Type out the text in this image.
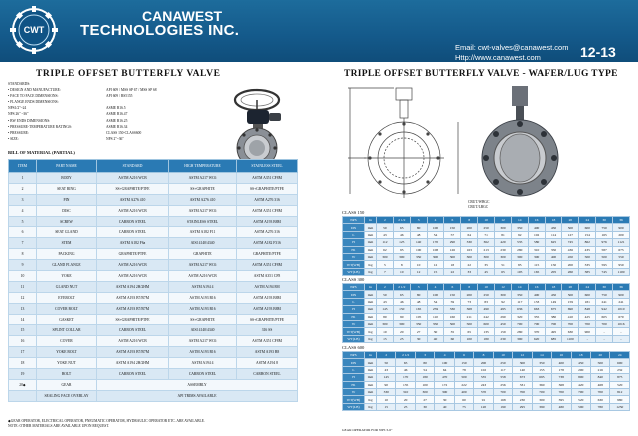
CWT
CANAWEST
TECHNOLOGIES INC.
Email: cwt-valves@canawest.com
Http://www.canawest.com	12-13
TRIPLE OFFSET BUTTERFLY VALVE
STANDARDS:
• DESIGN AND MANUFACTURE:	API 609 / MSS SP 67 / MSS SP 68
• FACE TO FACE DIMENSIONS:	API 609 / BS5155
• FLANGE ENDS DIMENSIONS:
NPS1/2"~24	ASME B16.5
NPS 26" ~36"	ASME B16.47
• BW ENDS DIMENSIONS:	ASME B16.25
• PRESSURE-TEMPERATURE RATINGS:	ASME B16.34
• PRESSURE:	CLASS 150-CLASS600
• SIZE:	NPS 2"~36"
BILL OF MATERIAL (PARTIAL)
ITEM	PART NAME	STANDARD	HIGH TEMPERATURE	STAINLESS STEEL
1	BODY	ASTM A216 WCB	ASTM A217 WC6	ASTM A351 CF8M
2	SEAT RING	SS+GRAPHITE/PTFE	SS+GRAPHITE	SS+GRAPHITE/PTFE
3	PIN	ASTM A276 410	ASTM A276 410	ASTM A276 316
4	DISC	ASTM A216 WCB	ASTM A217 WC6	ASTM A351 CF8M
5	SCREW	CARBON STEEL	STAINLESS STEEL	ASTM A193 B8M
6	SEAT GLAND	CARBON STEEL	ASTM A182 F11	ASTM A276 316
7	STEM	ASTM A182 F6a	AISI 4140/4340	ASTM A182 F316
8	PACKING	GRAPHITE/PTFE	GRAPHITE	GRAPHITE/PTFE
9	GLAND FLANGE	ASTM A216 WCB	ASTM A217 WC6	ASTM A351 CF8M
10	YOKE	ASTM A216 WCB	ASTM A216 WCB	ASTM A351 CF8
11	GLAND NUT	ASTM A194 2H/2HM	ASTM A194 4	ASTM A194 8M
12	EYEBOLT	ASTM A193 B7/B7M	ASTM A193 B16	ASTM A193 B8M
13	COVER BOLT	ASTM A193 B7/B7M	ASTM A193 B16	ASTM A193 B8M
14	GASKET	SS+GRAPHITE/PTFE	SS+GRAPHITE	SS+GRAPHITE/PTFE
15	SPLINT COLLAR	CARBON STEEL	AISI 4140/4340	316 SS
16	COVER	ASTM A216 WCB	ASTM A217 WC6	ASTM A351 CF8M
17	YOKE BOLT	ASTM A193 B7/B7M	ASTM A193 B16	ASTM A193 B8
18	YOKE NUT	ASTM A194 2H/2HM	ASTM A194 4	ASTM A194 8
19	BOLT	CARBON STEEL	CARBON STEEL	CARBON STEEL
20◆	GEAR	ASSEMBLY		
	SEALING FACE OVERLAY	API TRIMS AVAILABLE		
◆GEAR OPERATOR, ELECTRICAL OPERATOR, PNEUMATIC OPERATOR, HYDRAULIC OPERATOR ETC. ARE AVAILABLE.
NOTE: OTHER MATERIALS ARE AVAILABLE UPON REQUEST.
TRIPLE OFFSET BUTTERFLY VALVE - WAFER/LUG TYPE
CBUT/WBGC
CBUT/LBGC
CLASS 150
NPS	in	2	2 1/2	3	4	6	8	10	12	14	16	18	20	24	30	36
DN	mm	50	65	80	100	150	200	250	300	350	400	450	500	600	750	900
L	mm	43	46	48	54	57	64	71	81	92	102	114	127	154	165	200
H	mm	112	125	140	170	290	330	362	420	535	580	625	745	862	976	1121
H1	mm	62	95	100	108	126	163	213	230	280	310	350	436	435	587	675
W	mm	300	300	350	300	300	300	300	300	300	300	400	450	500	500	550
WT(WB)	Kg	5	8	10	12	18	22	35	51	85	115	150	200	335	595	950
WT(LB)	Kg	7	10	12	15	22	33	45	65	105	165	205	260	385	745	1100
CLASS 300
NPS	in	2	2 1/2	3	4	6	8	10	12	14	16	18	20	24	30	36
DN	mm	50	65	80	100	150	200	250	300	350	400	450	500	600	750	900
L	mm	43	46	48	54	59	73	83	92	117	133	149	159	181	241	241
H	mm	145	150	165	259	330	368	490	495	636	663	675	690	848	942	1010
H1	mm	80	90	105	110	160	211	242	290	320	355	380	410	425	605	670
W	mm	300	300	350	350	500	500	600	450	700	700	700	700	700	700	1016
WT(WB)	Kg	10	20	27	30	35	65	135	159	280	370	495	630	900	-	-
WT(LB)	Kg	15	25	30	40	60	100	180	230	390	620	685	1100	-	-	-
CLASS 600
NPS	in	2	2 1/2	3	4	6	8	10	12	14	16	18	20	24
DN	mm	50	65	80	100	150	200	250	300	350	400	450	500	600
L	mm	43	46	54	64	78	102	117	140	155	178	200	216	232
H	mm	145	170	180	470	500	535	558	673	695	738	800	840	875
H1	mm	90	135	100	172	222	243	256	331	360	368	420	468	520
W	mm	330	310	300	300	400	570	700	700	700	700	700	700	812
WT(WB)	Kg	10	20	27	30	60	91	168	230	300	395	520	630	980
WT(LB)	Kg	15	25	30	40	75	120	190	295	390	480	590	780	1250
GEAR OPERATOR FOR NPS 3-6"
